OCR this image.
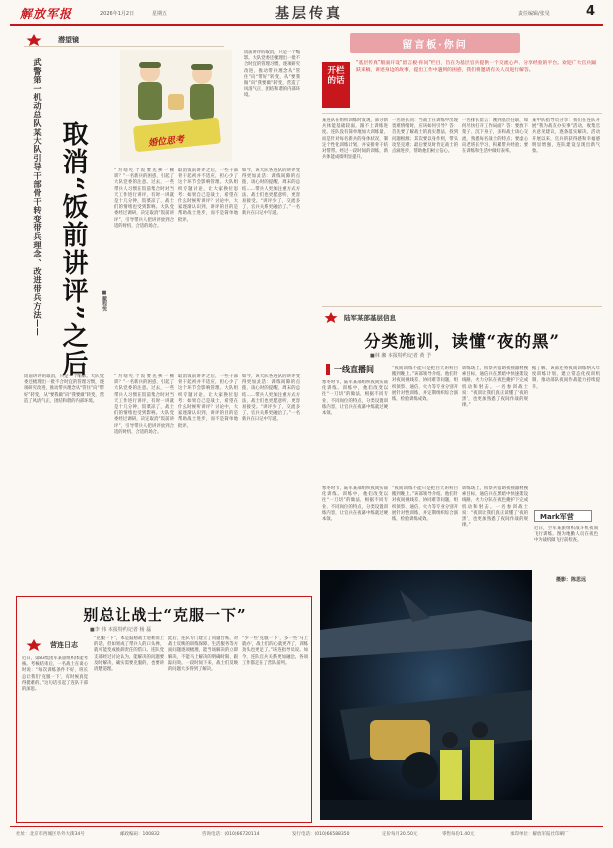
解放军报	2026年1月2日	星期五	基层传真	责任编辑/张旻	4
潜望镜
武警第一机动总队某大队引导干部骨干转变带兵理念、改进带兵方法—— 取消“饭前讲评”之后	■戴程悦
婚位思考
“为啥吃个饭要先挨一顿训？”一名新兵的困惑，引起了大队党委的注意。过去，一些带兵人习惯在饭前集合时对当天工作进行讲评，有时一讲就是十几分钟，饭菜凉了，战士们的情绪也受到影响。大队党委经过调研，决定取消“饭前讲评”，引导带兵人把讲评放到合适的时机、合适的场合。
取消饭前讲评之后，一些干部骨干起初并不适应，担心少了这个环节会影响管理。大队组织专题讨论，让大家换位思考：如果自己是战士，希望在什么时候听讲评？讨论中，大家逐渐认识到，讲评的目的是帮助战士进步，而不是简单地批评。
如今，该大队各连队的讲评变得更加灵活：训练间隙的点拨、谈心时的提醒、周末的总结……带兵人更加注重方式方法，战士们也更愿意听、更容易接受。“讲评少了，交流多了，官兵关系更融洽了。”一名新兵在日记中写道。
饭前讲评的取消，只是一个缩影。大队党委还梳理出一批不合时宜的管理习惯，逐项研究改进，推动带兵理念从“管住”向“带好”转变，从“要我做”向“我要做”转变，营造了风清气正、团结和谐的内部环境。
“为啥吃个饭要先挨一顿训？”一名新兵的困惑，引起了大队党委的注意。过去，一些带兵人习惯在饭前集合时对当天工作进行讲评，有时一讲就是十几分钟，饭菜凉了，战士们的情绪也受到影响。大队党委经过调研，决定取消“饭前讲评”，引导带兵人把讲评放到合适的时机、合适的场合。
取消饭前讲评之后，一些干部骨干起初并不适应，担心少了这个环节会影响管理。大队组织专题讨论，让大家换位思考：如果自己是战士，希望在什么时候听讲评？讨论中，大家逐渐认识到，讲评的目的是帮助战士进步，而不是简单地批评。
如今，该大队各连队的讲评变得更加灵活：训练间隙的点拨、谈心时的提醒、周末的总结……带兵人更加注重方式方法，战士们也更愿意听、更容易接受。“讲评少了，交流多了，官兵关系更融洽了。”一名新兵在日记中写道。
饭前讲评的取消，只是一个缩影。大队党委还梳理出一批不合时宜的管理习惯，逐项研究改进，推动带兵理念从“管住”向“带好”转变，从“要我做”向“我要做”转变，营造了风清气正、团结和谐的内部环境。
留言板·你问
开栏的话
“基层传真”版面开设“留言板·你问”栏目，旨在为基层官兵提供一个交流心声、分享经验的平台。欢迎广大官兵踊跃来稿，讲述身边的故事，提出工作中遇到的困惑，我们将邀请有关人员进行解答。
某连队在组织训练时发现，部分新兵体能基础较弱，跟不上训练进度。连队没有简单地加大训练量，而是针对每名新兵的身体状况，制定个性化训练计划，并安排骨干结对帮带。经过一段时间的训练，新兵体能成绩明显提升。
一名班长问：当战士在训练中出现畏难情绪时，应该如何引导？答：首先要了解战士的真实想法，找到问题根源；其次要以身作则，带头攻坚克难；最后要及时肯定战士的点滴进步，帮助他们树立信心。
一名排长留言：刚到基层任职，如何尽快打开工作局面？答：要放下架子、沉下身子，多和战士谈心交流，熟悉每名战士的特点；要虚心向老班长学习，积累带兵经验；要在训练和生活中做好表率。
某中队指导员分享：我们在连队开展“我为战友办实事”活动，收集官兵意见建议，逐条落实解决。活动开展以来，官兵的获得感和幸福感明显增强，连队建设呈现出新气象。
陆军某部基层信息
分类施训，读懂“夜的黑”
■林 湘 本报特约记者 黄 予
一线直播间
寒冬时节，陆军某部组织夜间实战化训练。训练中，他们改变以往“一刀切”的做法，根据不同专业、不同岗位的特点，分类设置训练内容，让官兵在夜幕中练就过硬本领。
“夜间训练不能只是把白天的科目搬到晚上。”该部领导介绍。他们针对夜间视线差、协同难等问题，组织侦察、通信、火力等专业分别开展针对性训练，并定期组织综合演练，检验训练成效。
训练场上，侦察兵借助夜视器材搜索目标，通信兵在黑暗中快速架设线路，火力分队在夜色掩护下完成机动和射击。一名参训战士说：“夜训让我们真正读懂了‘夜的黑’，也更加熟悉了夜间作战的规律。”
据了解，该部还将夜间训练纳入年度训练计划，建立常态化夜训机制，推动部队夜间作战能力持续提升。
寒冬时节，陆军某部组织夜间实战化训练。训练中，他们改变以往“一刀切”的做法，根据不同专业、不同岗位的特点，分类设置训练内容，让官兵在夜幕中练就过硬本领。
“夜间训练不能只是把白天的科目搬到晚上。”该部领导介绍。他们针对夜间视线差、协同难等问题，组织侦察、通信、火力等专业分别开展针对性训练，并定期组织综合演练，检验训练成效。
训练场上，侦察兵借助夜视器材搜索目标，通信兵在黑暗中快速架设线路，火力分队在夜色掩护下完成机动和射击。一名参训战士说：“夜训让我们真正读懂了‘夜的黑’，也更加熟悉了夜间作战的规律。”
Mark军营
近日，空军某旅组织战斗机夜间飞行训练。图为地勤人员在夜色中为战机做飞行前检查。
摄影：陈思远
别总让战士“克服一下”
■李 伟 本报特约记者 杨 磊
营连日志
近日，第83集团军某旅组织体能考核。考核结束后，一名战士在谈心时说：“每次训练条件不好，班长总让我们‘克服一下’，有时候真觉得挺难的。”这句话引起了连队干部的深思。
“克服一下”，本是鼓励战士迎难而上的话，但如果成了带兵人的口头禅，就可能变成推卸责任的借口。连队党支部经过讨论认为，能解决的问题要及时解决，确实需要克服的，也要讲清楚道理。
此后，连队专门建立了问题台账，对战士反映的训练保障、生活服务等方面问题逐项梳理，能当场解决的立即解决，不能马上解决的明确时限、跟踪问效。一段时间下来，战士们反映的问题大多得到了解决。
“少一些‘克服一下’，多一些‘马上就办’，战士们的心就更齐了，训练劲头也更足了。”该连指导员说。如今，连队官兵关系更加融洽，各项工作都走在了营队前列。
社址：北京市西城区阜外大街34号	邮政编码：100832	咨询电话：(010)66720114	发行电话：(010)66588350	定价每月20.50元	零售每份1.40元	承印单位：解放军报社印刷厂
